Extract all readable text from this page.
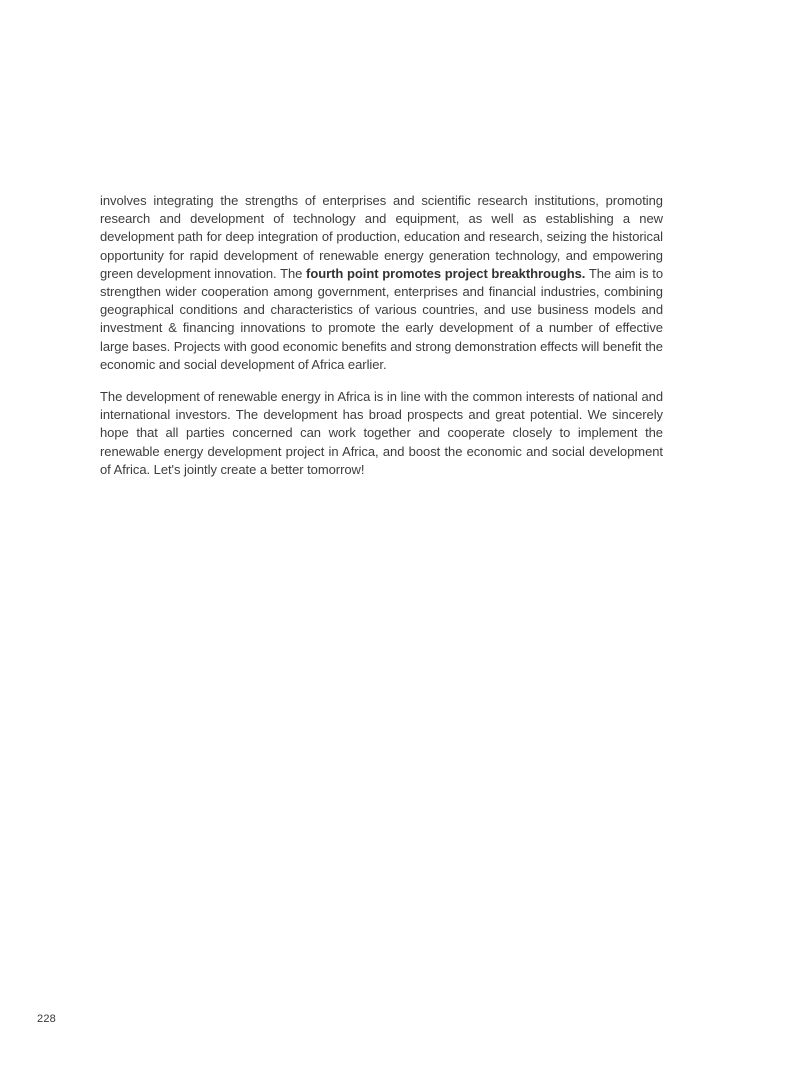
involves integrating the strengths of enterprises and scientific research institutions, promoting research and development of technology and equipment, as well as establishing a new development path for deep integration of production, education and research, seizing the historical opportunity for rapid development of renewable energy generation technology, and empowering green development innovation. The fourth point promotes project breakthroughs. The aim is to strengthen wider cooperation among government, enterprises and financial industries, combining geographical conditions and characteristics of various countries, and use business models and investment & financing innovations to promote the early development of a number of effective large bases. Projects with good economic benefits and strong demonstration effects will benefit the economic and social development of Africa earlier.

The development of renewable energy in Africa is in line with the common interests of national and international investors. The development has broad prospects and great potential. We sincerely hope that all parties concerned can work together and cooperate closely to implement the renewable energy development project in Africa, and boost the economic and social development of Africa. Let's jointly create a better tomorrow!

228
